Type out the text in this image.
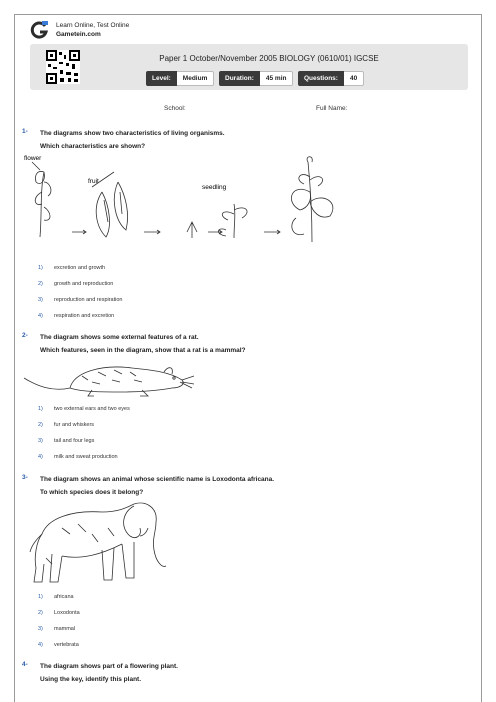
Learn Online, Test Online
Gametein.com
Paper 1 October/November 2005 BIOLOGY (0610/01) IGCSE
Level:	Medium	Duration:	45 min	Questions:	40
School:	Full Name:
1- The diagrams show two characteristics of living organisms.
Which characteristics are shown?
flower
fruit
seedling
1)	excretion and growth
2)	growth and reproduction
3)	reproduction and respiration
4)	respiration and excretion
2- The diagram shows some external features of a rat.
Which features, seen in the diagram, show that a rat is a mammal?
1)	two external ears and two eyes
2)	fur and whiskers
3)	tail and four legs
4)	milk and sweat production
3- The diagram shows an animal whose scientific name is Loxodonta africana.
To which species does it belong?
1)	africana
2)	Loxodonta
3)	mammal
4)	vertebrata
4- The diagram shows part of a flowering plant.
Using the key, identify this plant.
